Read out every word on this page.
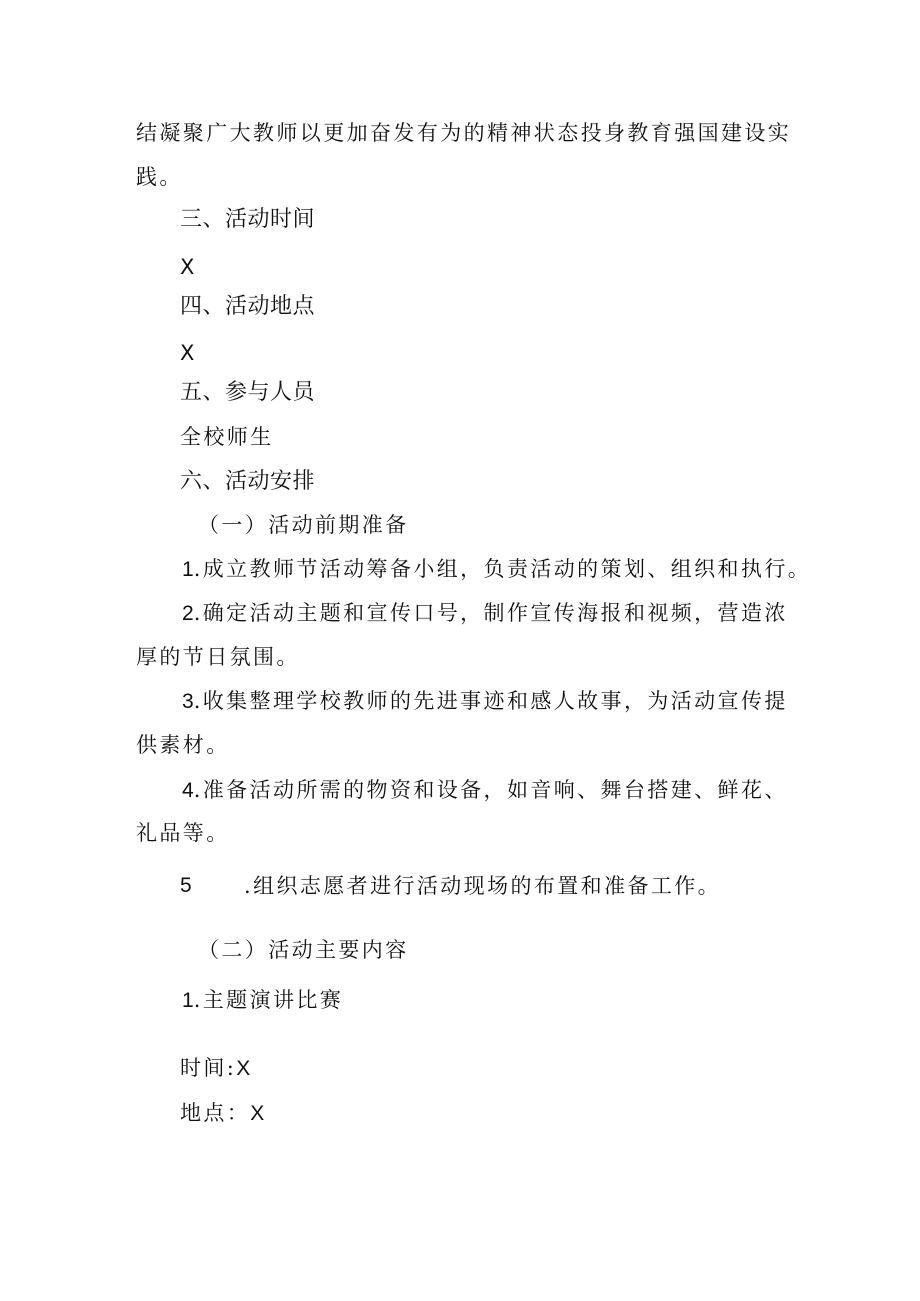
结凝聚广大教师以更加奋发有为的精神状态投身教育强国建设实
践。
三、活动时间
X
四、活动地点
X
五、参与人员
全校师生
六、活动安排
（一）活动前期准备
1.成立教师节活动筹备小组，负责活动的策划、组织和执行。
2.确定活动主题和宣传口号，制作宣传海报和视频，营造浓
厚的节日氛围。
3.收集整理学校教师的先进事迹和感人故事，为活动宣传提
供素材。
4.准备活动所需的物资和设备，如音响、舞台搭建、鲜花、
礼品等。
5 .组织志愿者进行活动现场的布置和准备工作。
（二）活动主要内容
1.主题演讲比赛
时间:X
地点：X
